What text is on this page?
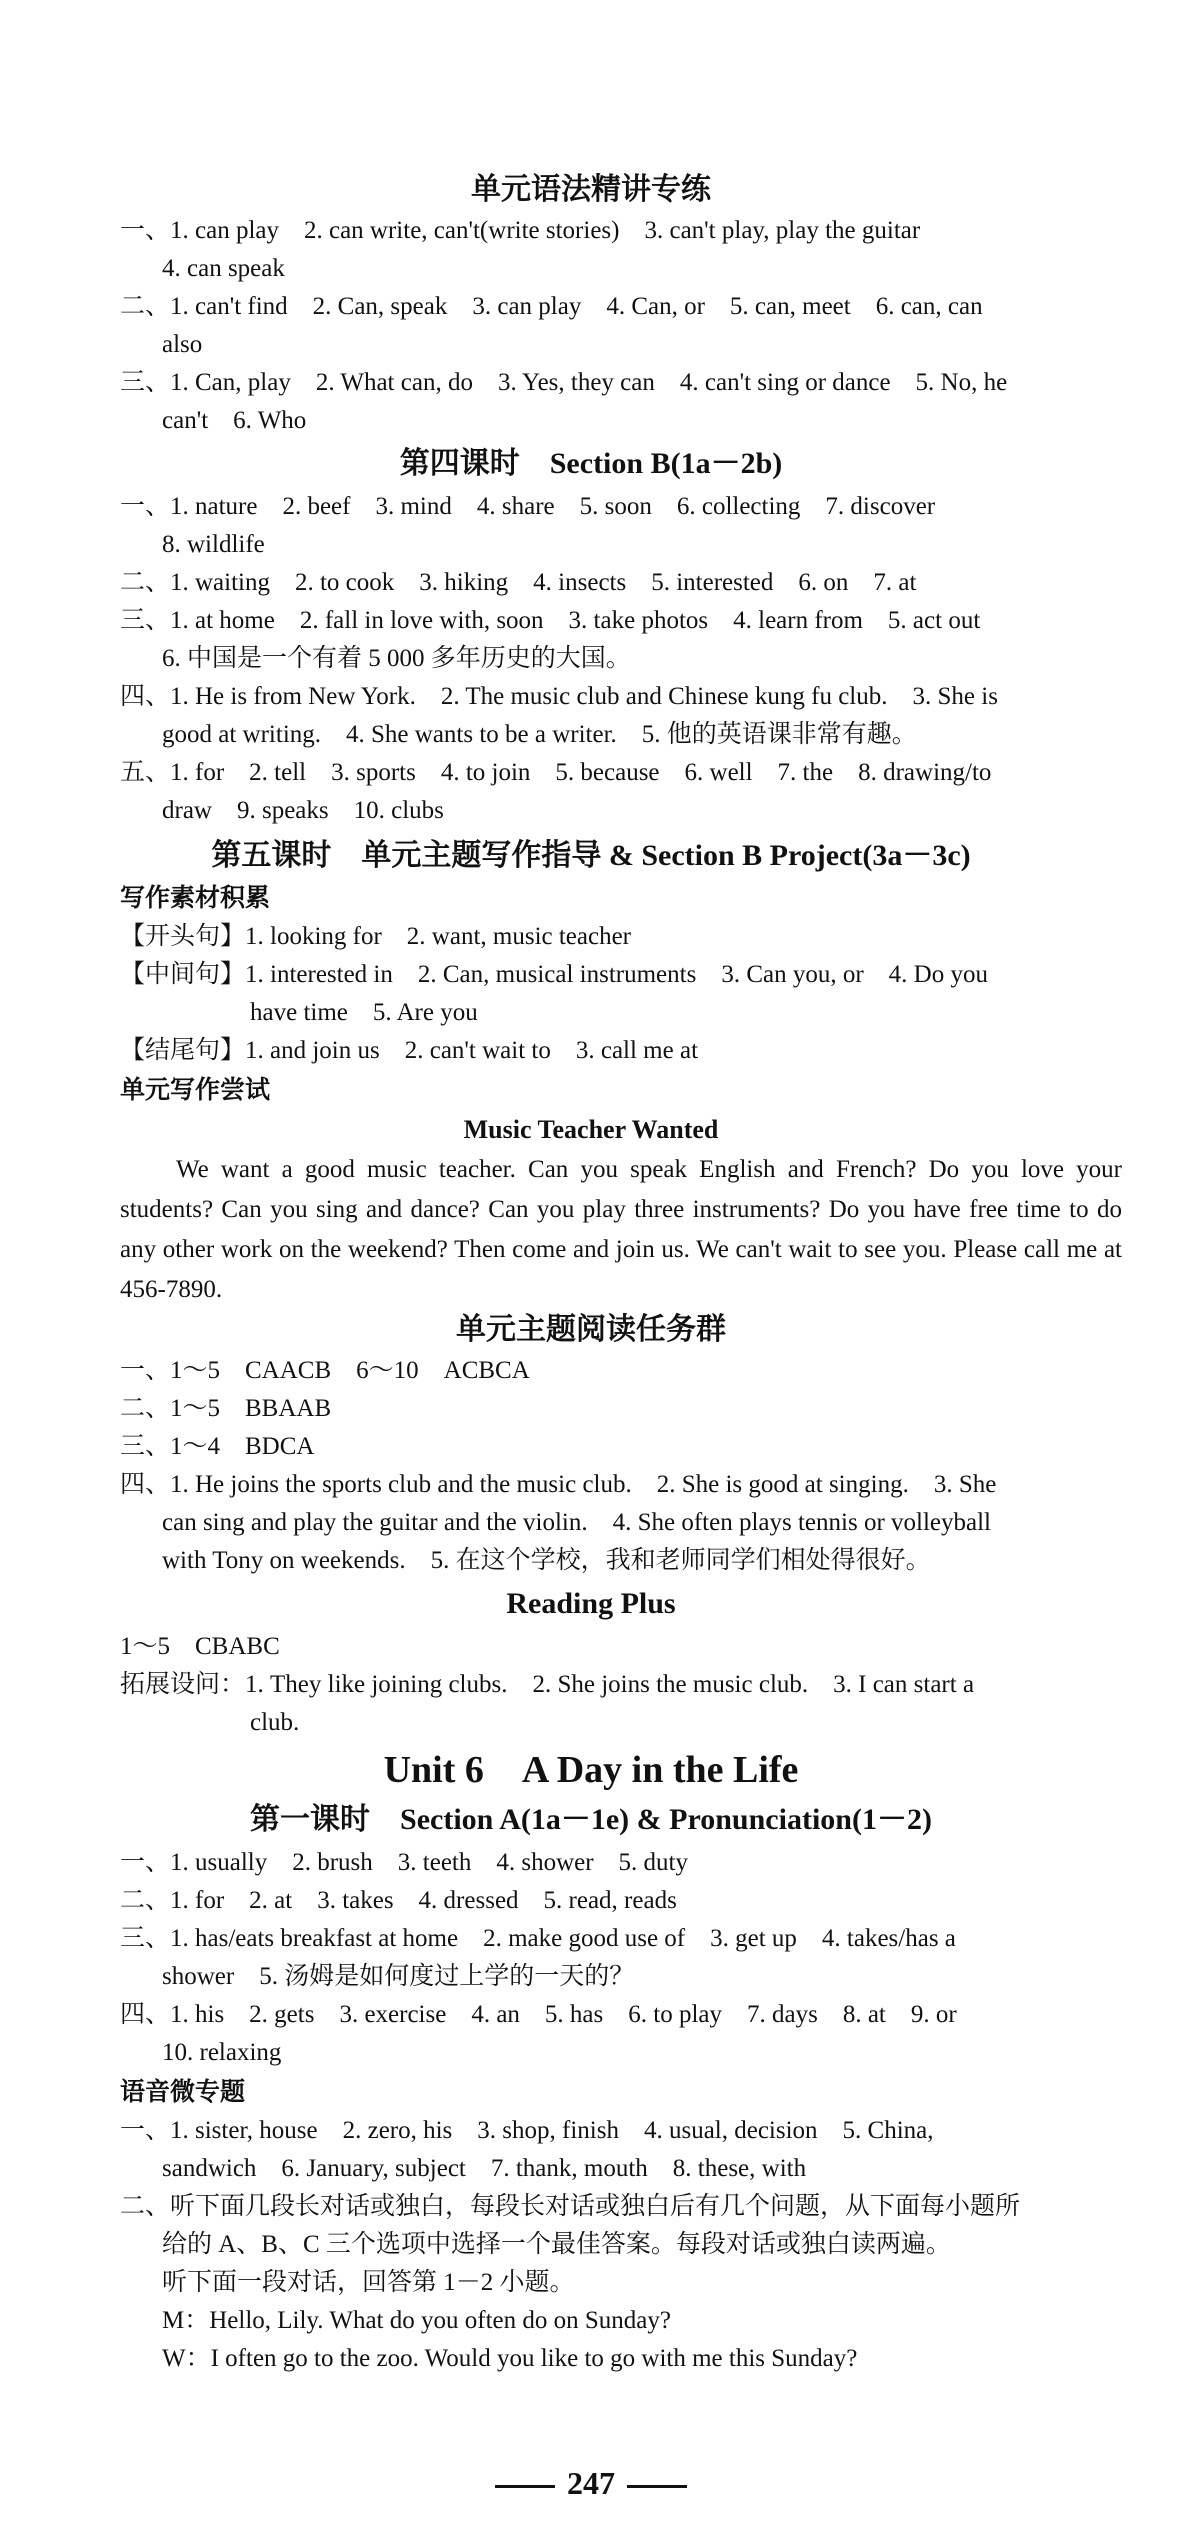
单元语法精讲专练
一、1. can play　2. can write, can't(write stories)　3. can't play, play the guitar
4. can speak
二、1. can't find　2. Can, speak　3. can play　4. Can, or　5. can, meet　6. can, can
also
三、1. Can, play　2. What can, do　3. Yes, they can　4. can't sing or dance　5. No, he
can't　6. Who
第四课时　Section B(1a－2b)
一、1. nature　2. beef　3. mind　4. share　5. soon　6. collecting　7. discover
8. wildlife
二、1. waiting　2. to cook　3. hiking　4. insects　5. interested　6. on　7. at
三、1. at home　2. fall in love with, soon　3. take photos　4. learn from　5. act out
6. 中国是一个有着 5 000 多年历史的大国。
四、1. He is from New York.　2. The music club and Chinese kung fu club.　3. She is
good at writing.　4. She wants to be a writer.　5. 他的英语课非常有趣。
五、1. for　2. tell　3. sports　4. to join　5. because　6. well　7. the　8. drawing/to
draw　9. speaks　10. clubs
第五课时　单元主题写作指导 & Section B Project(3a－3c)
写作素材积累
【开头句】1. looking for　2. want, music teacher
【中间句】1. interested in　2. Can, musical instruments　3. Can you, or　4. Do you
have time　5. Are you
【结尾句】1. and join us　2. can't wait to　3. call me at
单元写作尝试
Music Teacher Wanted
We want a good music teacher. Can you speak English and French? Do you love your students? Can you sing and dance? Can you play three instruments? Do you have free time to do any other work on the weekend? Then come and join us. We can't wait to see you. Please call me at 456-7890.
单元主题阅读任务群
一、1～5　CAACB　6～10　ACBCA
二、1～5　BBAAB
三、1～4　BDCA
四、1. He joins the sports club and the music club.　2. She is good at singing.　3. She
can sing and play the guitar and the violin.　4. She often plays tennis or volleyball
with Tony on weekends.　5. 在这个学校，我和老师同学们相处得很好。
Reading Plus
1～5　CBABC
拓展设问：1. They like joining clubs.　2. She joins the music club.　3. I can start a
club.
Unit 6　A Day in the Life
第一课时　Section A(1a－1e) & Pronunciation(1－2)
一、1. usually　2. brush　3. teeth　4. shower　5. duty
二、1. for　2. at　3. takes　4. dressed　5. read, reads
三、1. has/eats breakfast at home　2. make good use of　3. get up　4. takes/has a
shower　5. 汤姆是如何度过上学的一天的？
四、1. his　2. gets　3. exercise　4. an　5. has　6. to play　7. days　8. at　9. or
10. relaxing
语音微专题
一、1. sister, house　2. zero, his　3. shop, finish　4. usual, decision　5. China,
sandwich　6. January, subject　7. thank, mouth　8. these, with
二、听下面几段长对话或独白，每段长对话或独白后有几个问题，从下面每小题所
给的 A、B、C 三个选项中选择一个最佳答案。每段对话或独白读两遍。
听下面一段对话，回答第 1－2 小题。
M：Hello, Lily. What do you often do on Sunday?
W：I often go to the zoo. Would you like to go with me this Sunday?
247
